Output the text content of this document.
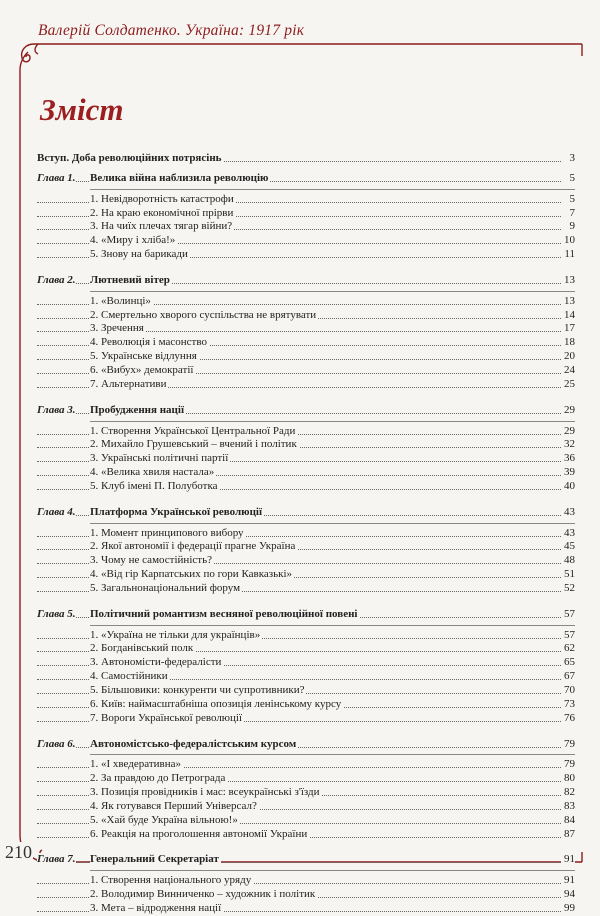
Валерій Солдатенко. Україна: 1917 рік
Зміст
Вступ. Доба революційних потрясінь	3
Глава 1. Велика війна наблизила революцію	5
1. Невідворотність катастрофи	5
2. На краю економічної прірви	7
3. На чиїх плечах тягар війни?	9
4. «Миру і хліба!»	10
5. Знову на барикади	11
Глава 2. Лютневий вітер	13
1. «Волинці»	13
2. Смертельно хворого суспільства не врятувати	14
3. Зречення	17
4. Революція і масонство	18
5. Українське відлуння	20
6. «Вибух» демократії	24
7. Альтернативи	25
Глава 3. Пробудження нації	29
1. Створення Української Центральної Ради	29
2. Михайло Грушевський – вчений і політик	32
3. Українські політичні партії	36
4. «Велика хвиля настала»	39
5. Клуб імені П. Полуботка	40
Глава 4. Платформа Української революції	43
1. Момент принципового вибору	43
2. Якої автономії і федерації прагне Україна	45
3. Чому не самостійність?	48
4. «Від гір Карпатських по гори Кавказькі»	51
5. Загальнонаціональний форум	52
Глава 5. Політичний романтизм весняної революційної повені	57
1. «Україна не тільки для українців»	57
2. Богданівський полк	62
3. Автономісти-федералісти	65
4. Самостійники	67
5. Більшовики: конкуренти чи супротивники?	70
6. Київ: наймасштабніша опозиція ленінському курсу	73
7. Вороги Української революції	76
Глава 6. Автономістсько-федералістським курсом	79
1. «І хведеративна»	79
2. За правдою до Петрограда	80
3. Позиція провідників і мас: всеукраїнські з'їзди	82
4. Як готувався Перший Універсал?	83
5. «Хай буде Україна вільною!»	84
6. Реакція на проголошення автономії України	87
Глава 7. Генеральний Секретаріат	91
1. Створення національного уряду	91
2. Володимир Винниченко – художник і політик	94
3. Мета – відродження нації	99
210
